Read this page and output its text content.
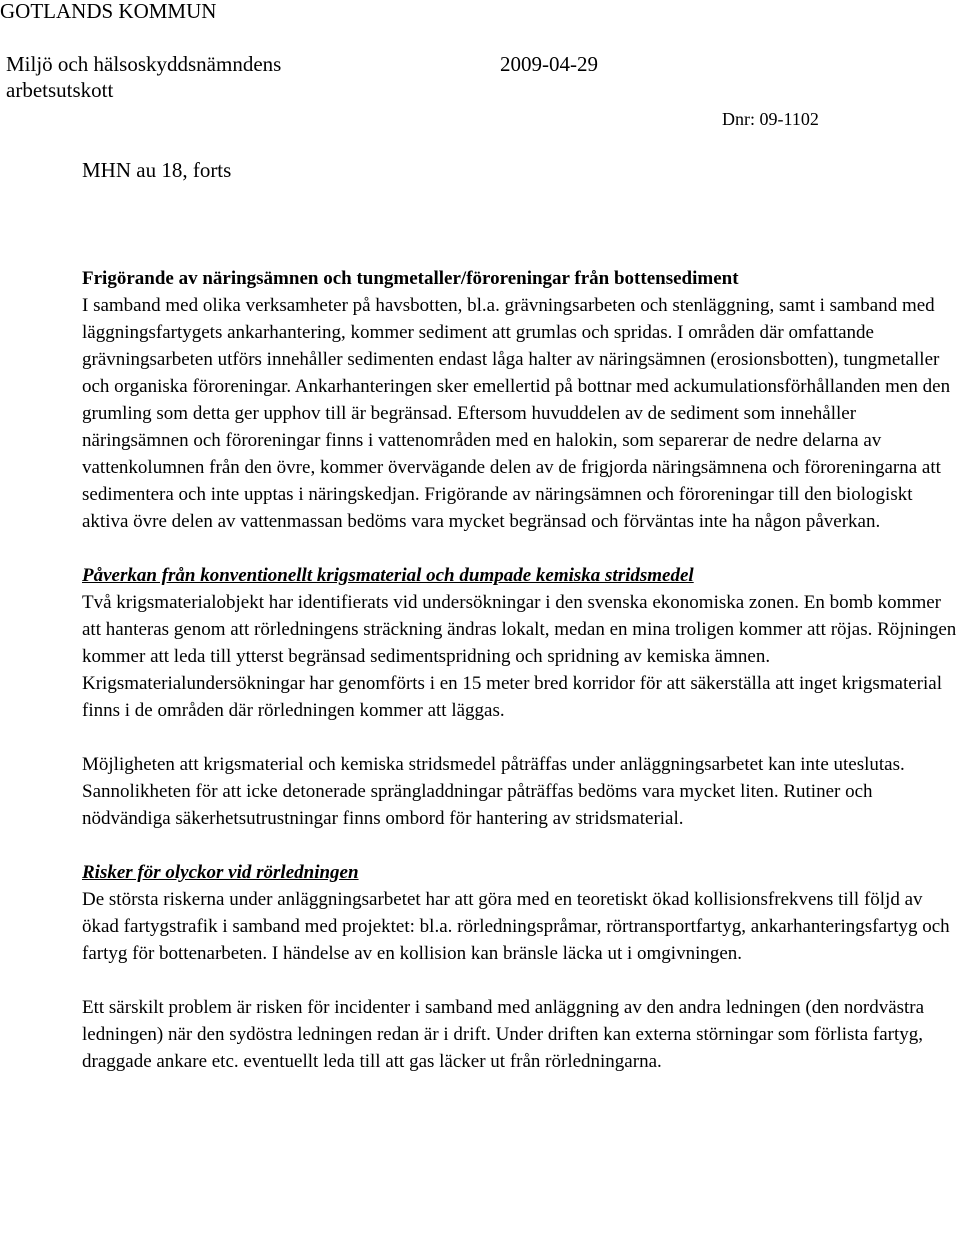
GOTLANDS KOMMUN
Miljö och hälsoskyddsnämndens arbetsutskott
2009-04-29
Dnr: 09-1102
MHN au 18, forts
Frigörande av näringsämnen och tungmetaller/föroreningar från bottensediment

I samband med olika verksamheter på havsbotten, bl.a. grävningsarbeten och stenläggning, samt i samband med läggningsfartygets ankarhantering, kommer sediment att grumlas och spridas. I områden där omfattande grävningsarbeten utförs innehåller sedimenten endast låga halter av näringsämnen (erosionsbotten), tungmetaller och organiska föroreningar. Ankarhanteringen sker emellertid på bottnar med ackumulationsförhållanden men den grumling som detta ger upphov till är begränsad. Eftersom huvuddelen av de sediment som innehåller näringsämnen och föroreningar finns i vattenområden med en halokin, som separerar de nedre delarna av vattenkolumnen från den övre, kommer övervägande delen av de frigjorda näringsämnena och föroreningarna att sedimentera och inte upptas i näringskedjan. Frigörande av näringsämnen och föroreningar till den biologiskt aktiva övre delen av vattenmassan bedöms vara mycket begränsad och förväntas inte ha någon påverkan.

Påverkan från konventionellt krigsmaterial och dumpade kemiska stridsmedel

Två krigsmaterialobjekt har identifierats vid undersökningar i den svenska ekonomiska zonen. En bomb kommer att hanteras genom att rörledningens sträckning ändras lokalt, medan en mina troligen kommer att röjas. Röjningen kommer att leda till ytterst begränsad sedimentspridning och spridning av kemiska ämnen. Krigsmaterialundersökningar har genomförts i en 15 meter bred korridor för att säkerställa att inget krigsmaterial finns i de områden där rörledningen kommer att läggas.

Möjligheten att krigsmaterial och kemiska stridsmedel påträffas under anläggningsarbetet kan inte uteslutas. Sannolikheten för att icke detonerade sprängladdningar påträffas bedöms vara mycket liten. Rutiner och nödvändiga säkerhetsutrustningar finns ombord för hantering av stridsmaterial.

Risker för olyckor vid rörledningen

De största riskerna under anläggningsarbetet har att göra med en teoretiskt ökad kollisionsfrekvens till följd av ökad fartygstrafik i samband med projektet: bl.a. rörledningspråmar, rörtransportfartyg, ankarhanteringsfartyg och fartyg för bottenarbeten. I händelse av en kollision kan bränsle läcka ut i omgivningen.

Ett särskilt problem är risken för incidenter i samband med anläggning av den andra ledningen (den nordvästra ledningen) när den sydöstra ledningen redan är i drift. Under driften kan externa störningar som förlista fartyg, draggade ankare etc. eventuellt leda till att gas läcker ut från rörledningarna.
